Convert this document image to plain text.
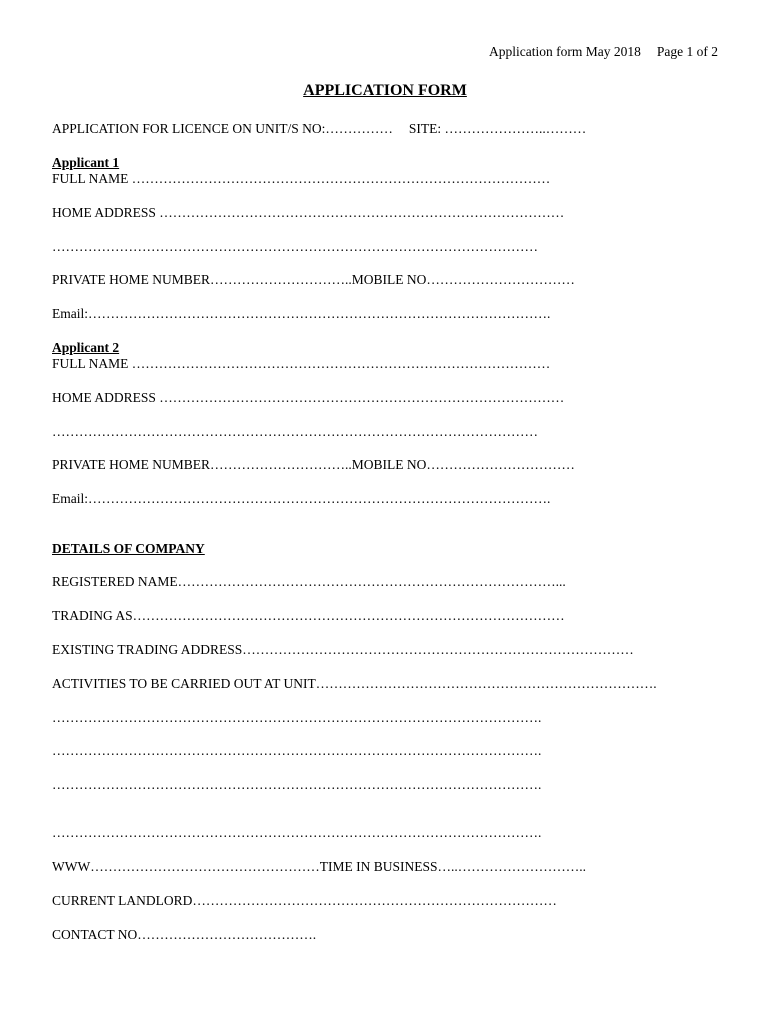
Application form May 2018 Page 1 of 2
APPLICATION FORM
APPLICATION FOR LICENCE ON UNIT/S NO:…………… SITE: …………………..………
Applicant 1
FULL NAME …………………………………………………………………………………
HOME ADDRESS ………………………………………………………………………………
………………………………………………………………………………………………
PRIVATE HOME NUMBER…………………………..MOBILE NO……………………………
Email:………………………………………………………………………………………….
Applicant 2
FULL NAME …………………………………………………………………………………
HOME ADDRESS ………………………………………………………………………………
………………………………………………………………………………………………
PRIVATE HOME NUMBER…………………………..MOBILE NO……………………………
Email:………………………………………………………………………………………….
DETAILS OF COMPANY
REGISTERED NAME…………………………………………………………………………...
TRADING AS……………………………………………………………………………………
EXISTING TRADING ADDRESS……………………………………………………………………………
ACTIVITIES TO BE CARRIED OUT AT UNIT………………………………………………………………….
……………………………………………………………………………………………….
……………………………………………………………………………………………….
……………………………………………………………………………………………….
……………………………………………………………………………………………….
WWW……………………………………………TIME IN BUSINESS…..………………………..
CURRENT LANDLORD………………………………………………………………………
CONTACT NO………………………………….
